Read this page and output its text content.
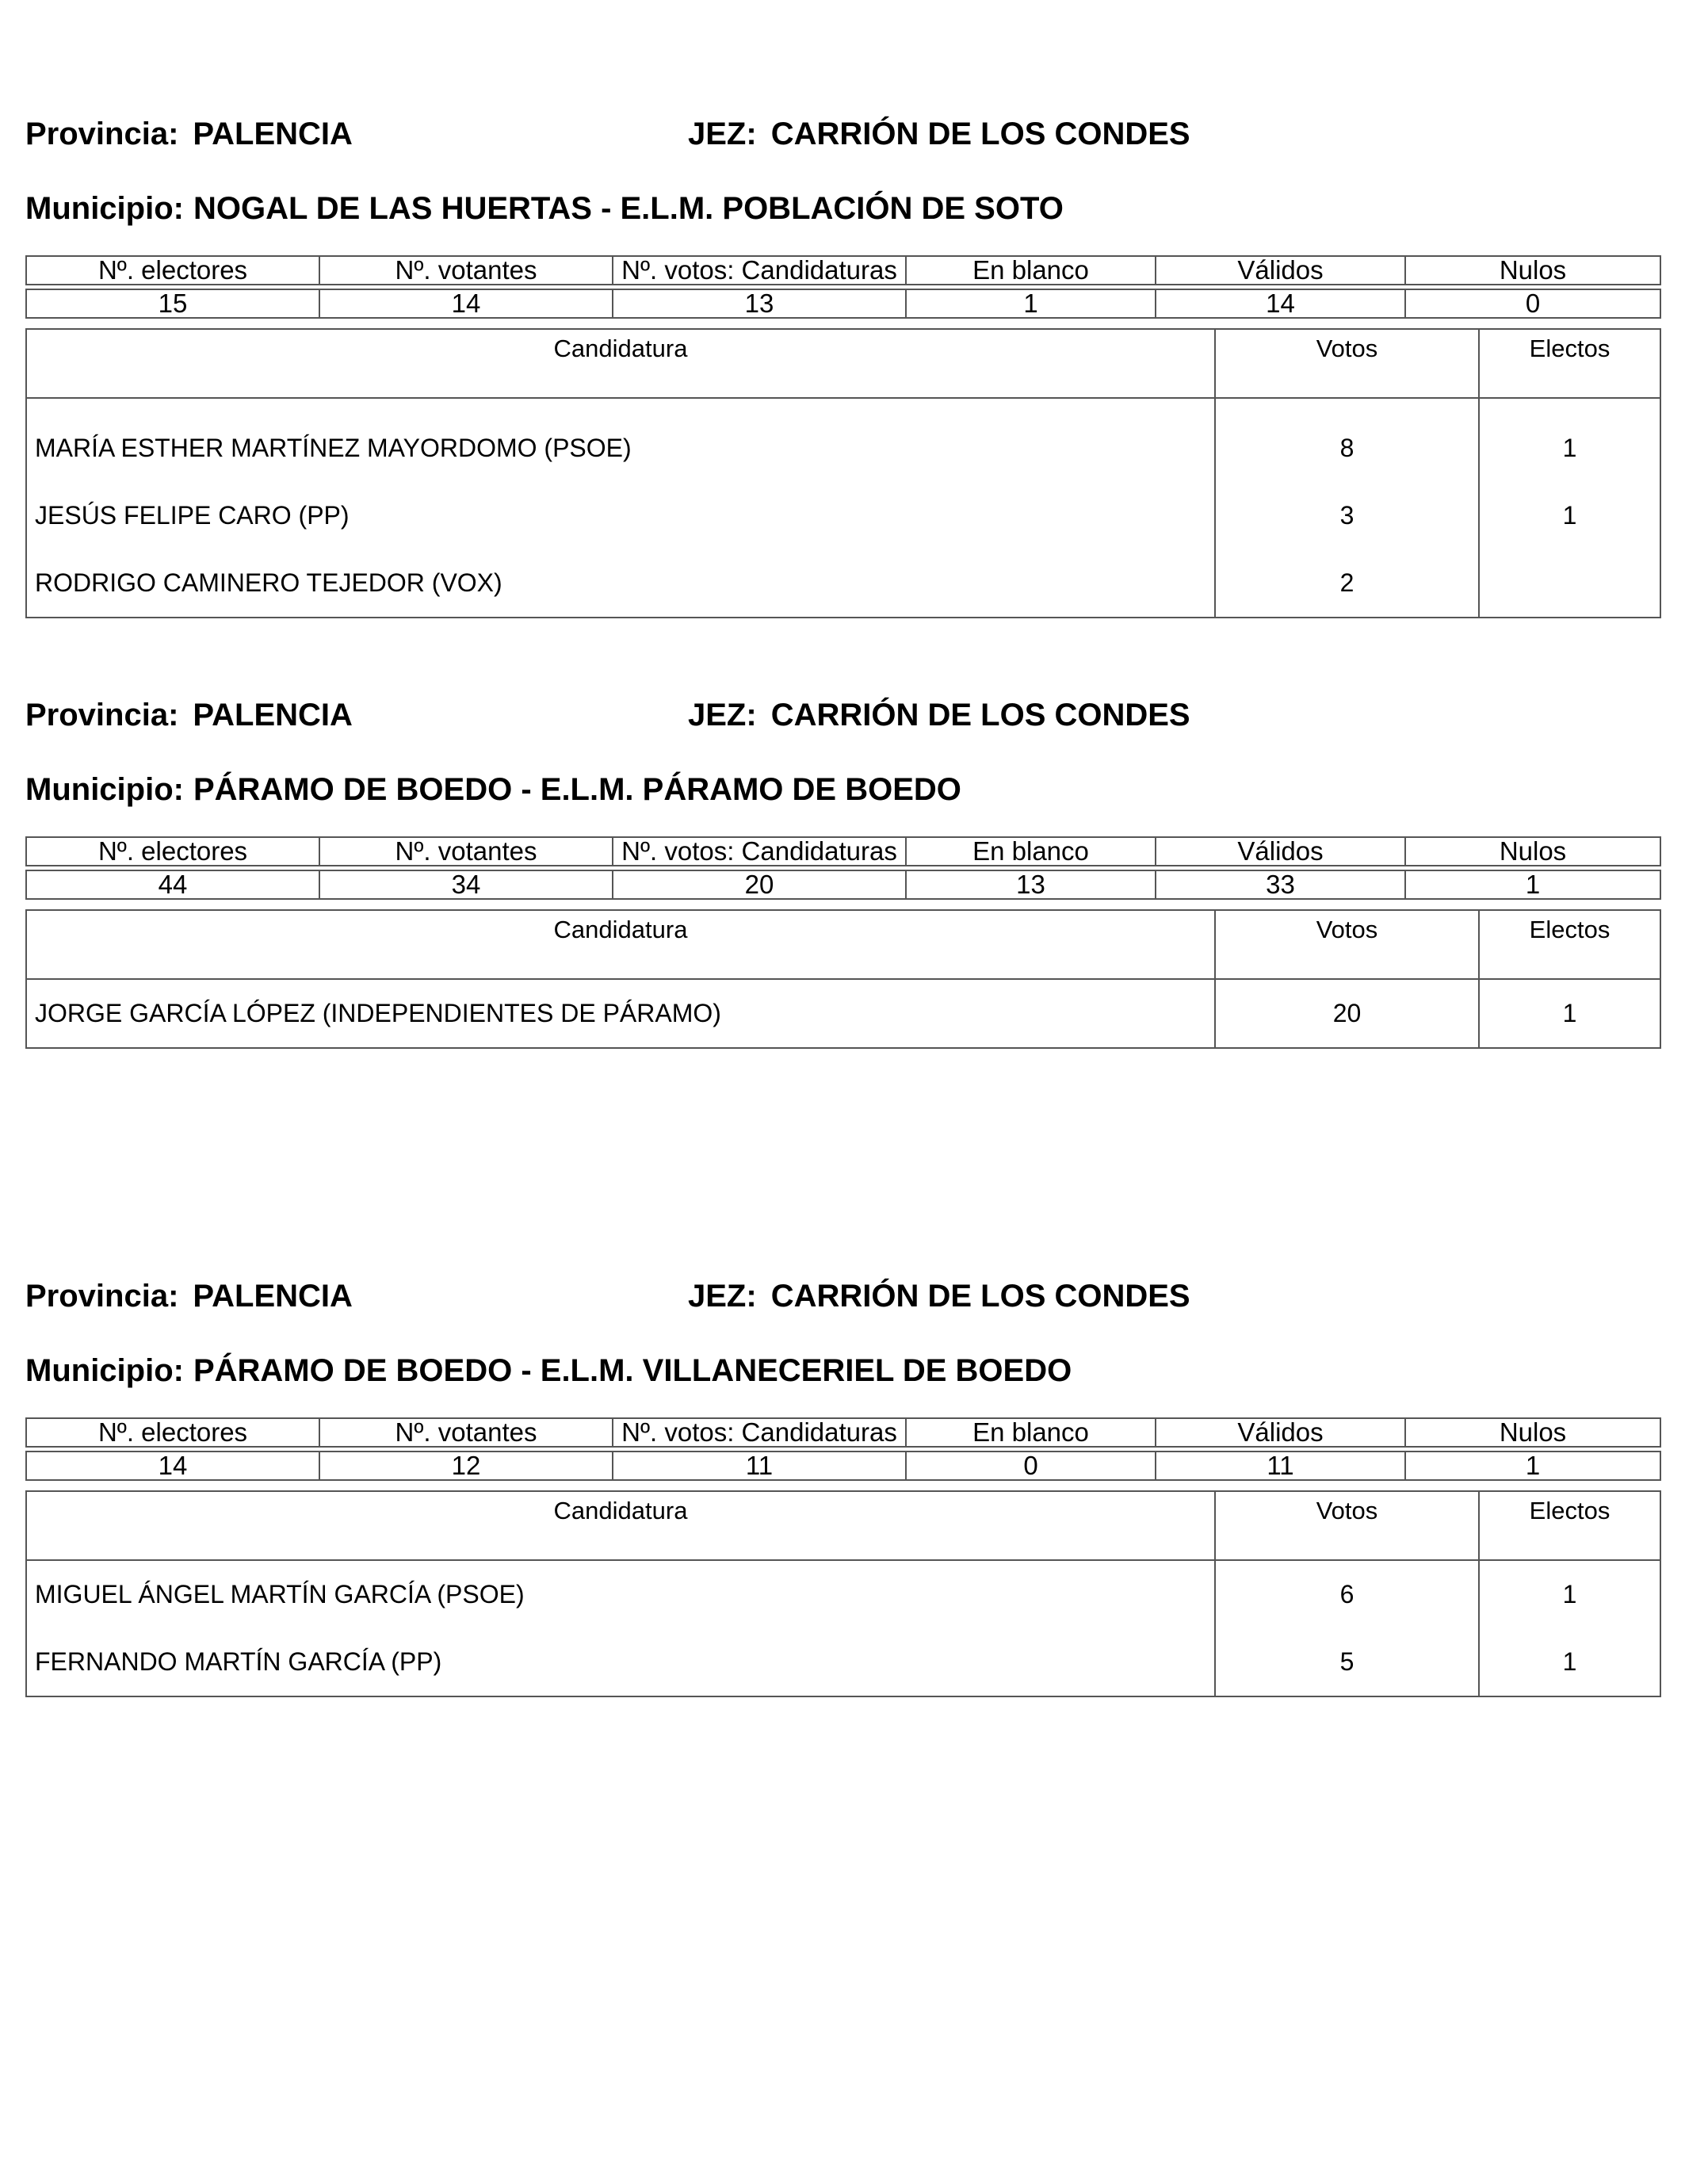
Provincia: PALENCIA	JEZ: CARRIÓN DE LOS CONDES
Municipio: NOGAL DE LAS HUERTAS - E.L.M. POBLACIÓN DE SOTO
Nº. electores	Nº. votantes	Nº. votos: Candidaturas	En blanco	Válidos	Nulos
15	14	13	1	14	0
Candidatura	Votos	Electos
MARÍA ESTHER MARTÍNEZ MAYORDOMO (PSOE)	8	1
JESÚS FELIPE CARO (PP)	3	1
RODRIGO CAMINERO TEJEDOR (VOX)	2	
Provincia: PALENCIA	JEZ: CARRIÓN DE LOS CONDES
Municipio: PÁRAMO DE BOEDO - E.L.M. PÁRAMO DE BOEDO
Nº. electores	Nº. votantes	Nº. votos: Candidaturas	En blanco	Válidos	Nulos
44	34	20	13	33	1
Candidatura	Votos	Electos
JORGE GARCÍA LÓPEZ (INDEPENDIENTES DE PÁRAMO)	20	1
Provincia: PALENCIA	JEZ: CARRIÓN DE LOS CONDES
Municipio: PÁRAMO DE BOEDO - E.L.M. VILLANECERIEL DE BOEDO
Nº. electores	Nº. votantes	Nº. votos: Candidaturas	En blanco	Válidos	Nulos
14	12	11	0	11	1
Candidatura	Votos	Electos
MIGUEL ÁNGEL MARTÍN GARCÍA (PSOE)	6	1
FERNANDO MARTÍN GARCÍA (PP)	5	1
